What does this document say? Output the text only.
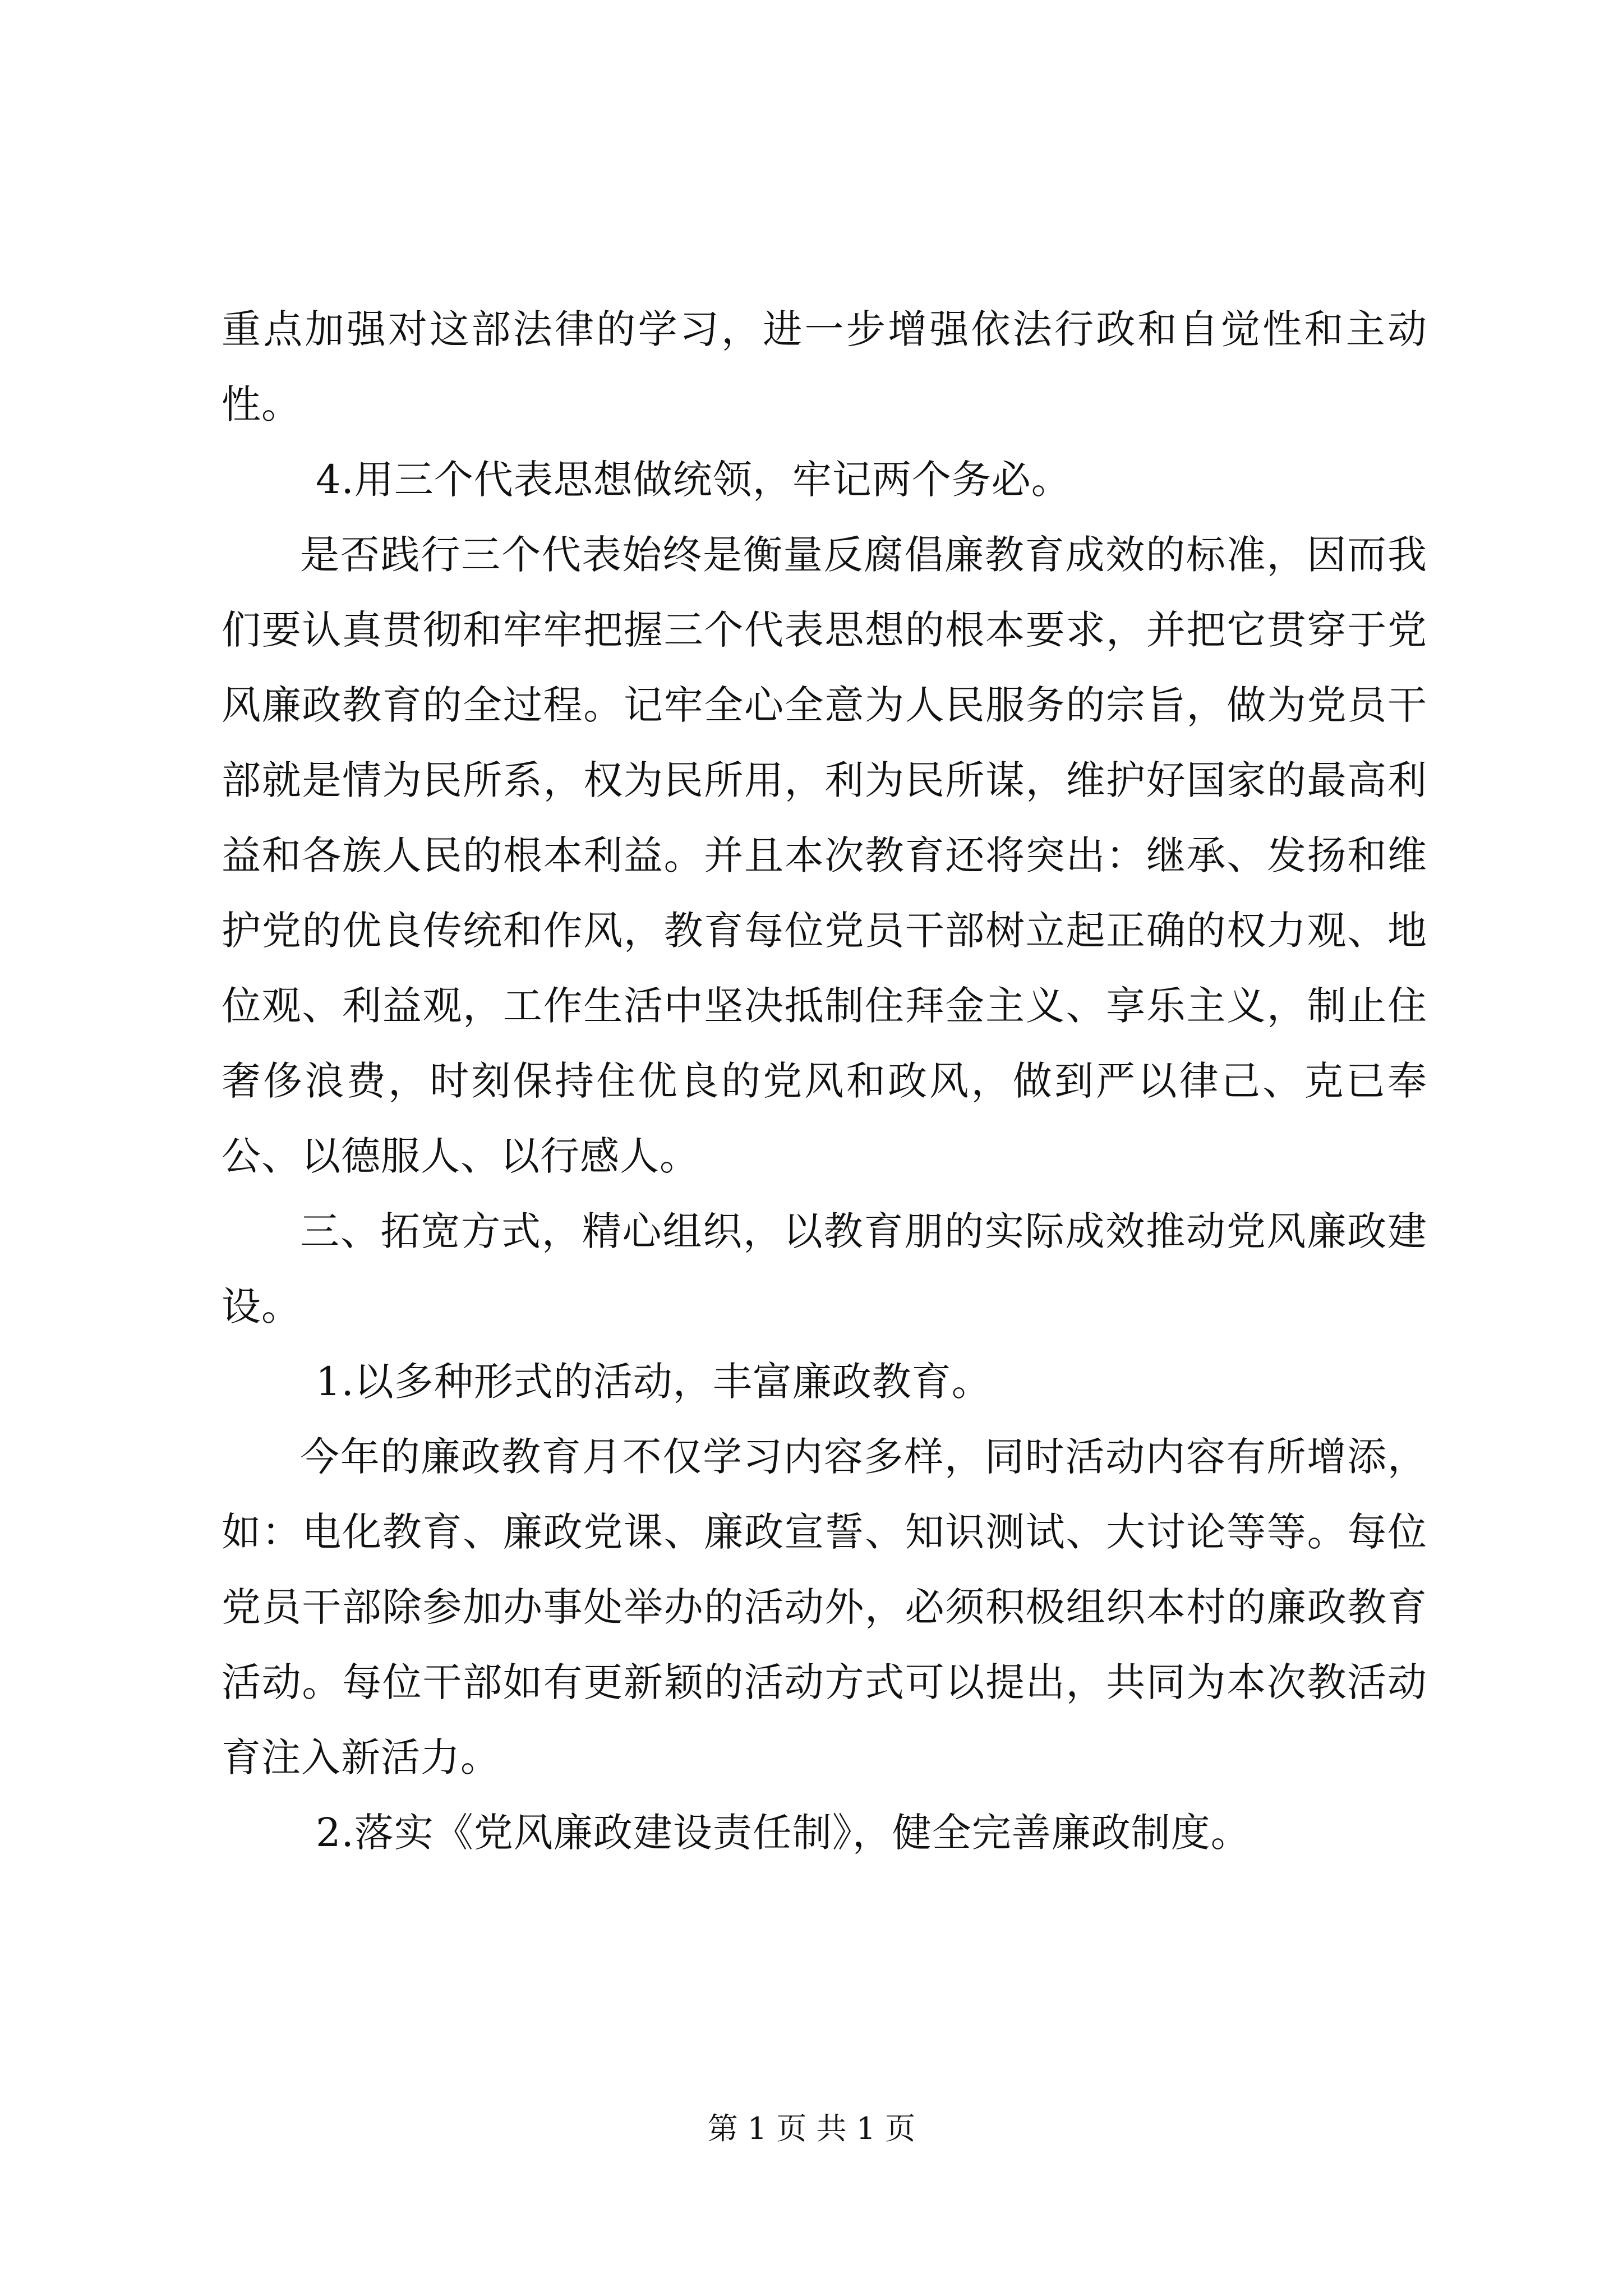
重点加强对这部法律的学习，进一步增强依法行政和自觉性和主动性。

4.用三个代表思想做统领，牢记两个务必。

是否践行三个代表始终是衡量反腐倡廉教育成效的标准，因而我们要认真贯彻和牢牢把握三个代表思想的根本要求，并把它贯穿于党风廉政教育的全过程。记牢全心全意为人民服务的宗旨，做为党员干部就是情为民所系，权为民所用，利为民所谋，维护好国家的最高利益和各族人民的根本利益。并且本次教育还将突出：继承、发扬和维护党的优良传统和作风，教育每位党员干部树立起正确的权力观、地位观、利益观，工作生活中坚决抵制住拜金主义、享乐主义，制止住奢侈浪费，时刻保持住优良的党风和政风，做到严以律己、克已奉公、以德服人、以行感人。

三、拓宽方式，精心组织，以教育朋的实际成效推动党风廉政建设。

1.以多种形式的活动，丰富廉政教育。

今年的廉政教育月不仅学习内容多样，同时活动内容有所增添，如：电化教育、廉政党课、廉政宣誓、知识测试、大讨论等等。每位党员干部除参加办事处举办的活动外，必须积极组织本村的廉政教育活动。每位干部如有更新颖的活动方式可以提出，共同为本次教活动育注入新活力。

2.落实《党风廉政建设责任制》，健全完善廉政制度。

第 1 页 共 1 页
